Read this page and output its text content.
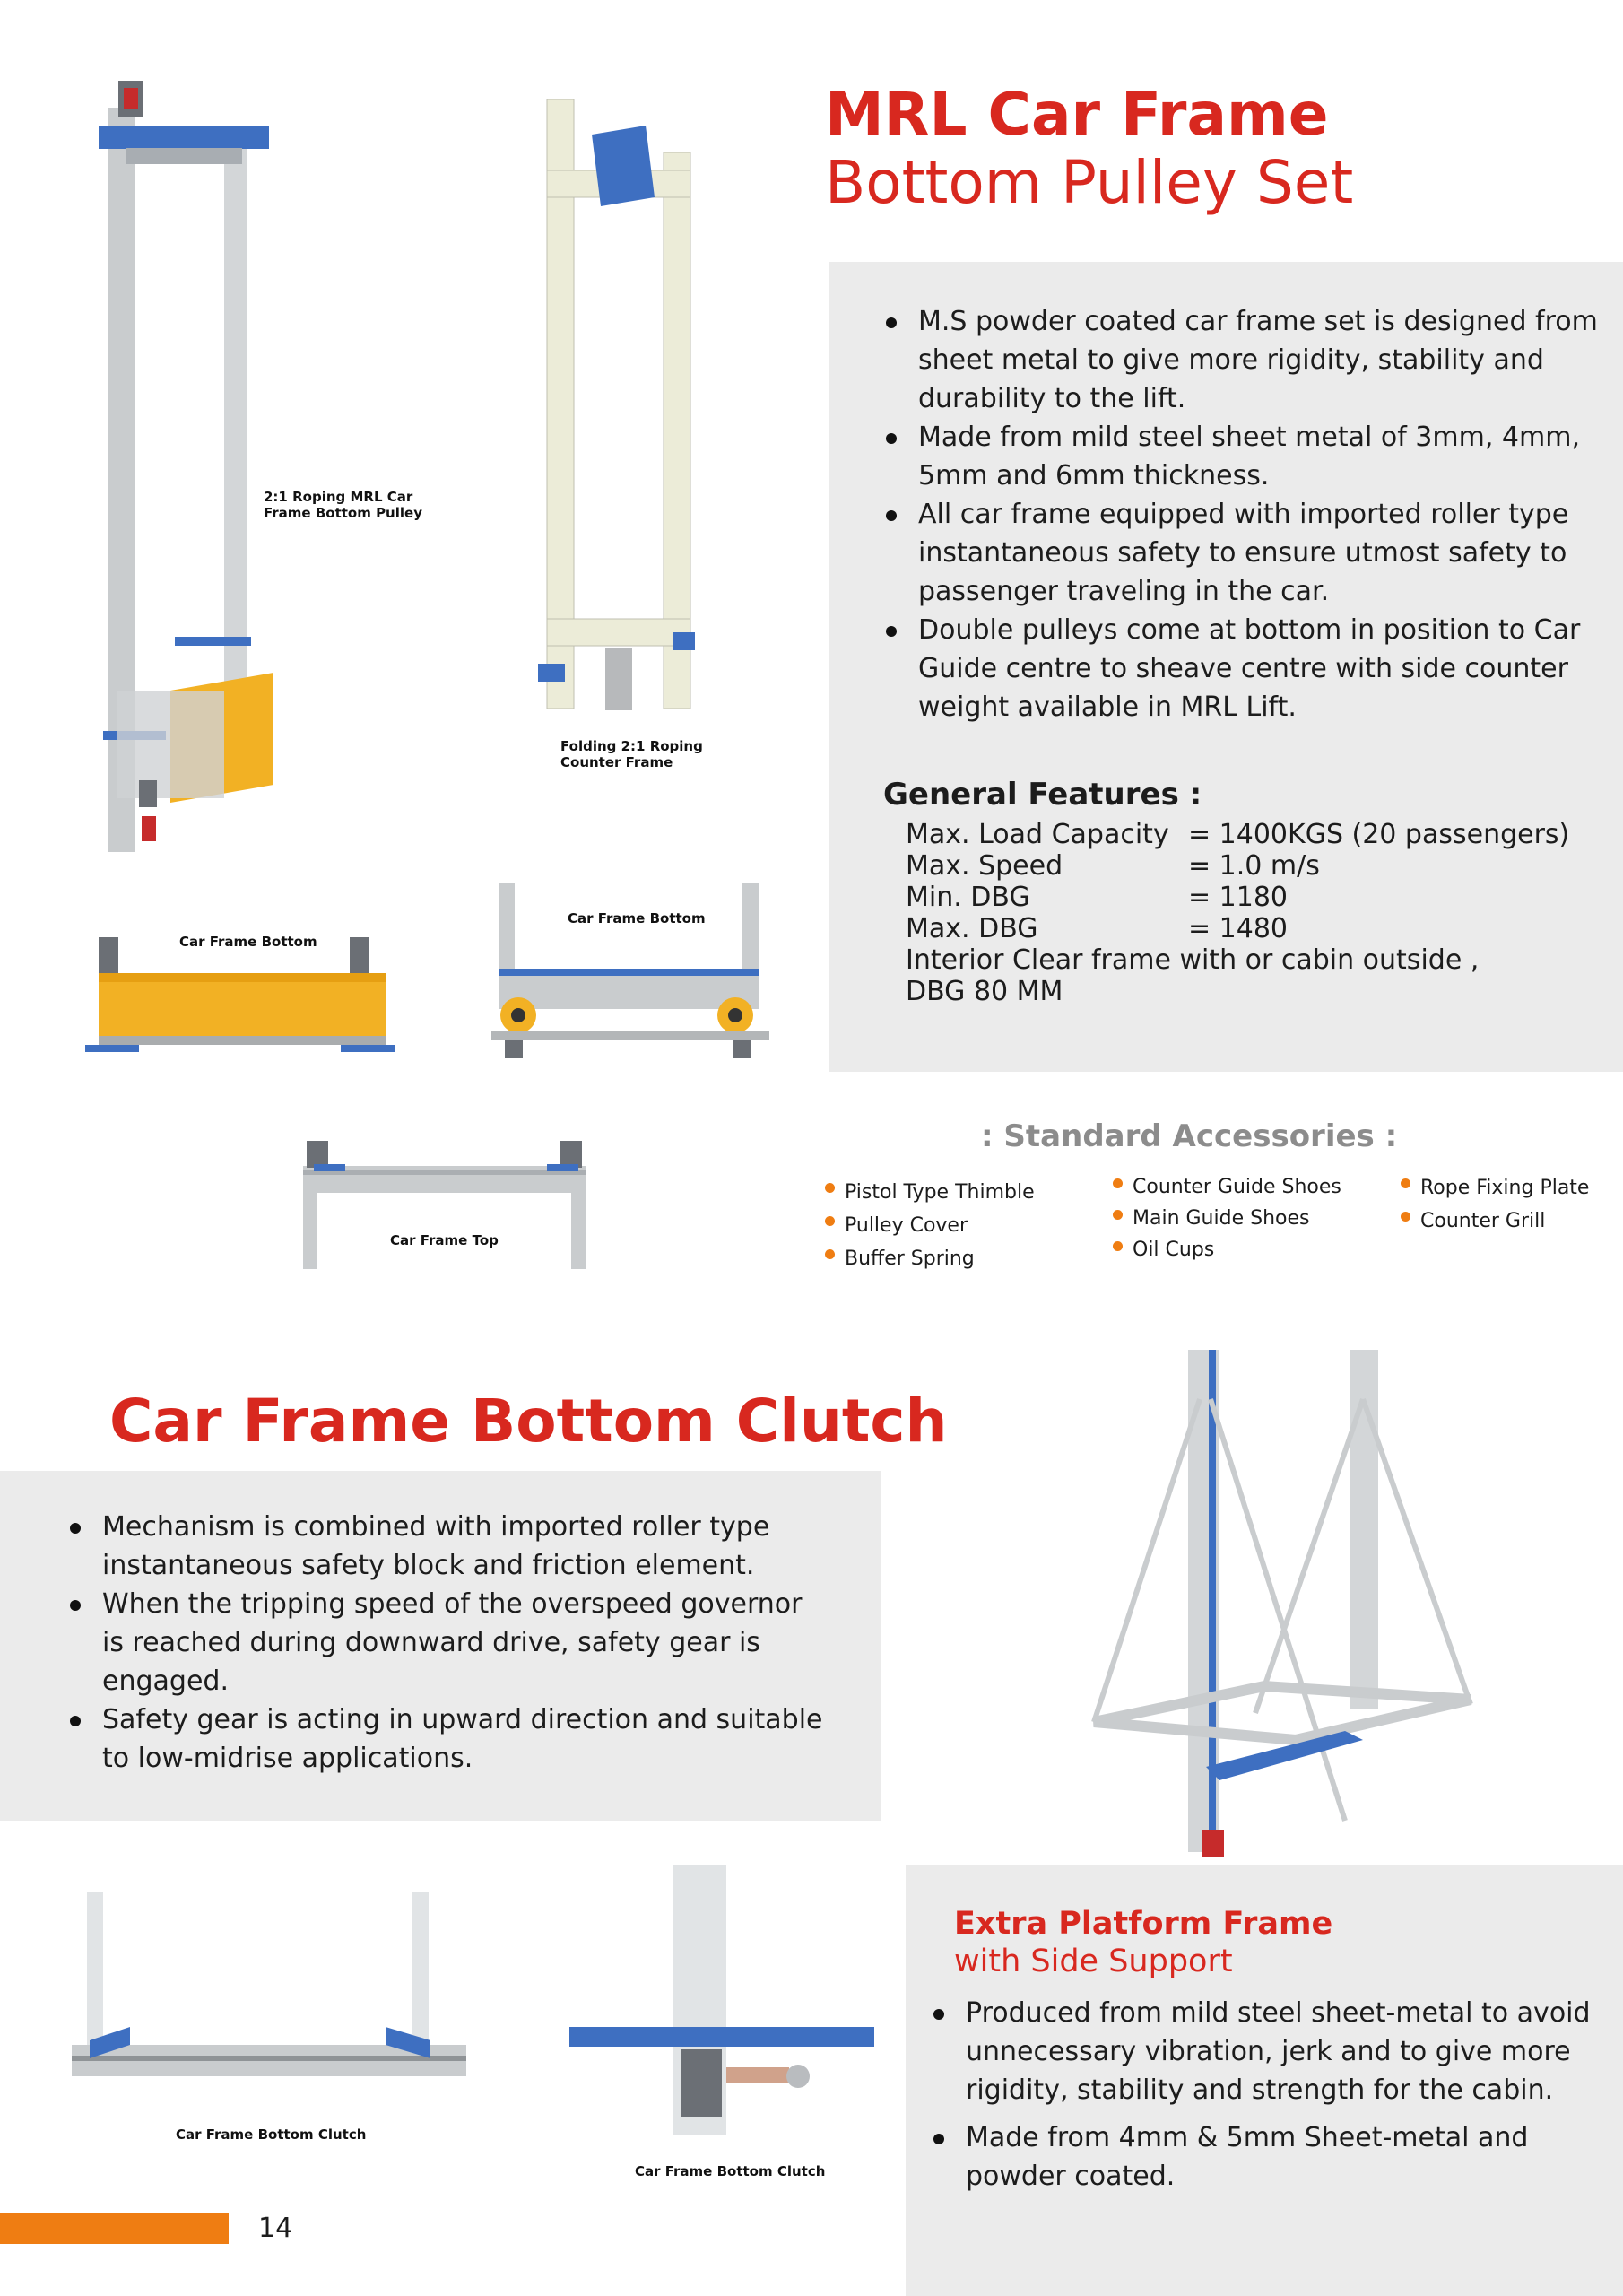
2:1 Roping MRL Car Frame Bottom Pulley
Folding 2:1 Roping Counter Frame
Car Frame Bottom
Car Frame Bottom
Car Frame Top
MRL Car Frame
Bottom Pulley Set
M.S powder coated car frame set is designed from sheet metal to give more rigidity, stability and durability to the lift.
Made from mild steel sheet metal of 3mm, 4mm, 5mm and 6mm thickness.
All car frame equipped with imported roller type instantaneous safety to ensure utmost safety to passenger traveling in the car.
Double pulleys come at bottom in position to Car Guide centre to sheave centre with side counter weight available in MRL Lift.
General Features :
Max. Load Capacity = 1400KGS (20 passengers)
Max. Speed	= 1.0 m/s
Min. DBG	= 1180
Max. DBG	= 1480
Interior Clear frame with or cabin outside ,
DBG 80 MM
: Standard Accessories :
Pistol Type Thimble
Pulley Cover
Buffer Spring
Counter Guide Shoes
Main Guide Shoes
Oil Cups
Rope Fixing Plate
Counter Grill
Car Frame Bottom Clutch
Mechanism is combined with imported roller type instantaneous safety block and friction element.
When the tripping speed of the overspeed governor is reached during downward drive, safety gear is engaged.
Safety gear is acting in upward direction and suitable to low-midrise applications.
Car Frame Bottom Clutch
Car Frame Bottom Clutch
Extra Platform Frame
with Side Support
Produced from mild steel sheet-metal to avoid unnecessary vibration, jerk and to give more rigidity, stability and strength for the cabin.
Made from 4mm & 5mm Sheet-metal and powder coated.
14
